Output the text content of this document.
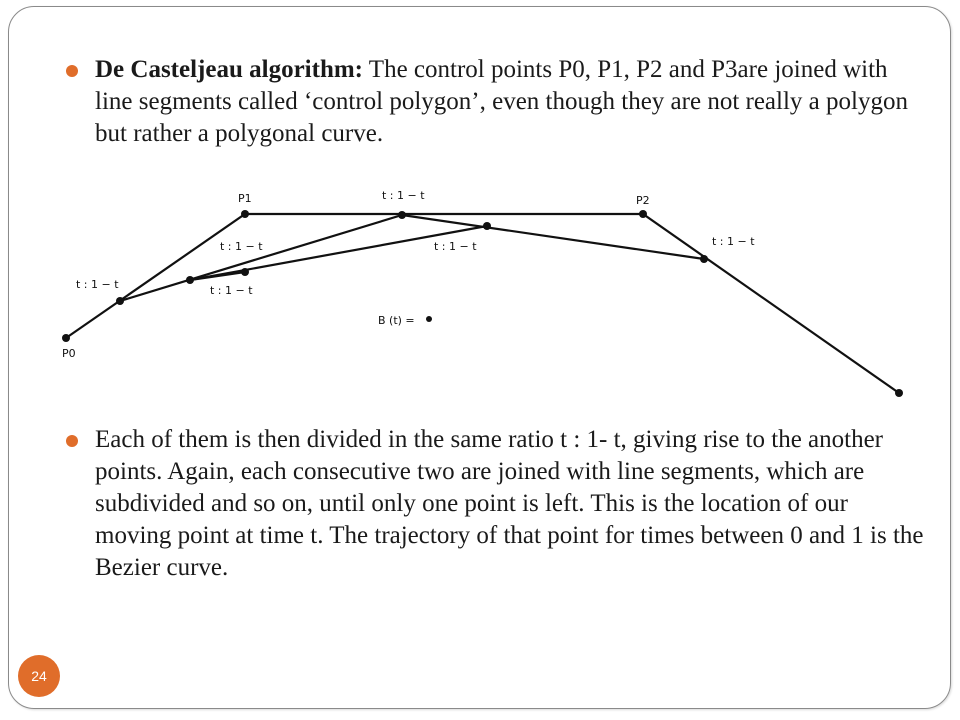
De Casteljeau algorithm: The control points P0, P1, P2 and P3are joined with line segments called ‘control polygon’, even though they are not really a polygon but rather a polygonal curve.

P0
P1	P2
t : 1 − t
t : 1 − t
t : 1 − t	t : 1 − t
t : 1 − t
t : 1 − t
B (t) =

Each of them is then divided in the same ratio t : 1- t, giving rise to the another points. Again, each consecutive two are joined with line segments, which are subdivided and so on, until only one point is left. This is the location of our moving point at time t. The trajectory of that point for times between 0 and 1 is the Bezier curve.

24
